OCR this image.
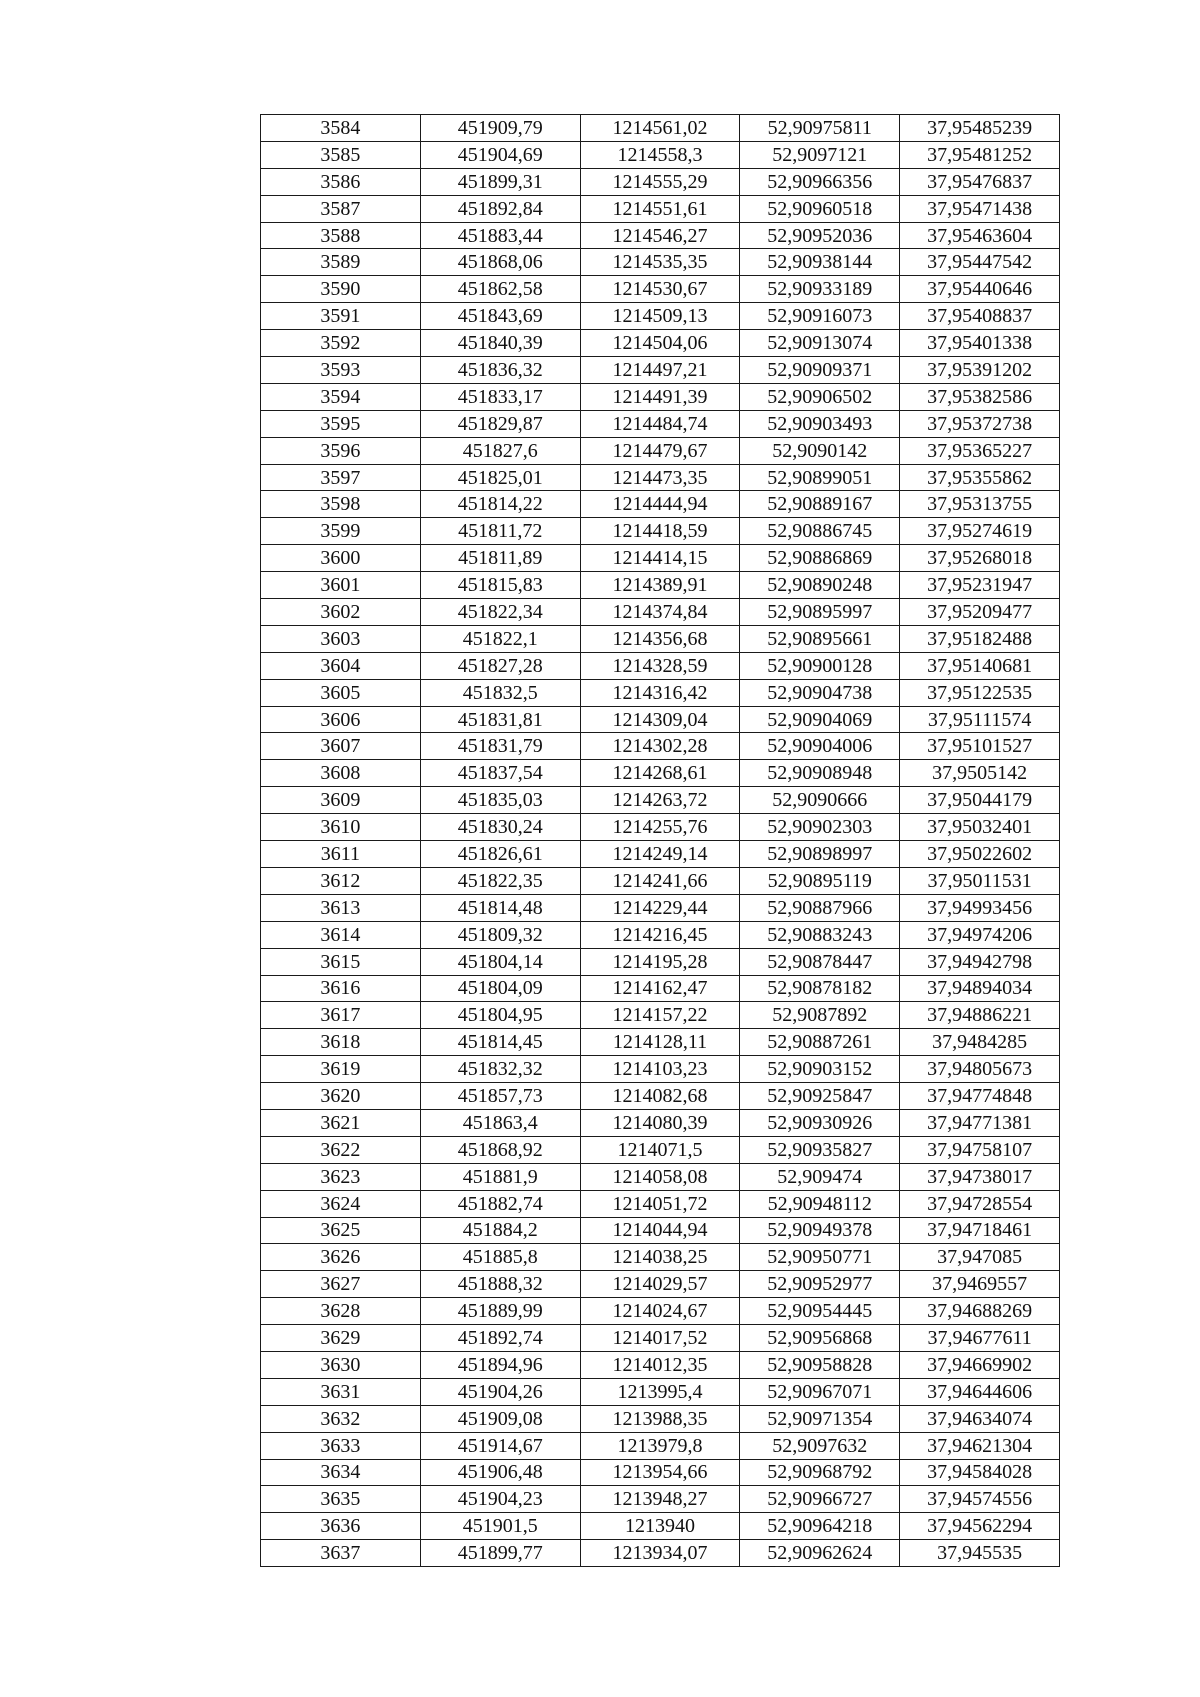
3584	451909,79	1214561,02	52,90975811	37,95485239
3585	451904,69	1214558,3	52,9097121	37,95481252
3586	451899,31	1214555,29	52,90966356	37,95476837
3587	451892,84	1214551,61	52,90960518	37,95471438
3588	451883,44	1214546,27	52,90952036	37,95463604
3589	451868,06	1214535,35	52,90938144	37,95447542
3590	451862,58	1214530,67	52,90933189	37,95440646
3591	451843,69	1214509,13	52,90916073	37,95408837
3592	451840,39	1214504,06	52,90913074	37,95401338
3593	451836,32	1214497,21	52,90909371	37,95391202
3594	451833,17	1214491,39	52,90906502	37,95382586
3595	451829,87	1214484,74	52,90903493	37,95372738
3596	451827,6	1214479,67	52,9090142	37,95365227
3597	451825,01	1214473,35	52,90899051	37,95355862
3598	451814,22	1214444,94	52,90889167	37,95313755
3599	451811,72	1214418,59	52,90886745	37,95274619
3600	451811,89	1214414,15	52,90886869	37,95268018
3601	451815,83	1214389,91	52,90890248	37,95231947
3602	451822,34	1214374,84	52,90895997	37,95209477
3603	451822,1	1214356,68	52,90895661	37,95182488
3604	451827,28	1214328,59	52,90900128	37,95140681
3605	451832,5	1214316,42	52,90904738	37,95122535
3606	451831,81	1214309,04	52,90904069	37,95111574
3607	451831,79	1214302,28	52,90904006	37,95101527
3608	451837,54	1214268,61	52,90908948	37,9505142
3609	451835,03	1214263,72	52,9090666	37,95044179
3610	451830,24	1214255,76	52,90902303	37,95032401
3611	451826,61	1214249,14	52,90898997	37,95022602
3612	451822,35	1214241,66	52,90895119	37,95011531
3613	451814,48	1214229,44	52,90887966	37,94993456
3614	451809,32	1214216,45	52,90883243	37,94974206
3615	451804,14	1214195,28	52,90878447	37,94942798
3616	451804,09	1214162,47	52,90878182	37,94894034
3617	451804,95	1214157,22	52,9087892	37,94886221
3618	451814,45	1214128,11	52,90887261	37,9484285
3619	451832,32	1214103,23	52,90903152	37,94805673
3620	451857,73	1214082,68	52,90925847	37,94774848
3621	451863,4	1214080,39	52,90930926	37,94771381
3622	451868,92	1214071,5	52,90935827	37,94758107
3623	451881,9	1214058,08	52,909474	37,94738017
3624	451882,74	1214051,72	52,90948112	37,94728554
3625	451884,2	1214044,94	52,90949378	37,94718461
3626	451885,8	1214038,25	52,90950771	37,947085
3627	451888,32	1214029,57	52,90952977	37,9469557
3628	451889,99	1214024,67	52,90954445	37,94688269
3629	451892,74	1214017,52	52,90956868	37,94677611
3630	451894,96	1214012,35	52,90958828	37,94669902
3631	451904,26	1213995,4	52,90967071	37,94644606
3632	451909,08	1213988,35	52,90971354	37,94634074
3633	451914,67	1213979,8	52,9097632	37,94621304
3634	451906,48	1213954,66	52,90968792	37,94584028
3635	451904,23	1213948,27	52,90966727	37,94574556
3636	451901,5	1213940	52,90964218	37,94562294
3637	451899,77	1213934,07	52,90962624	37,945535
